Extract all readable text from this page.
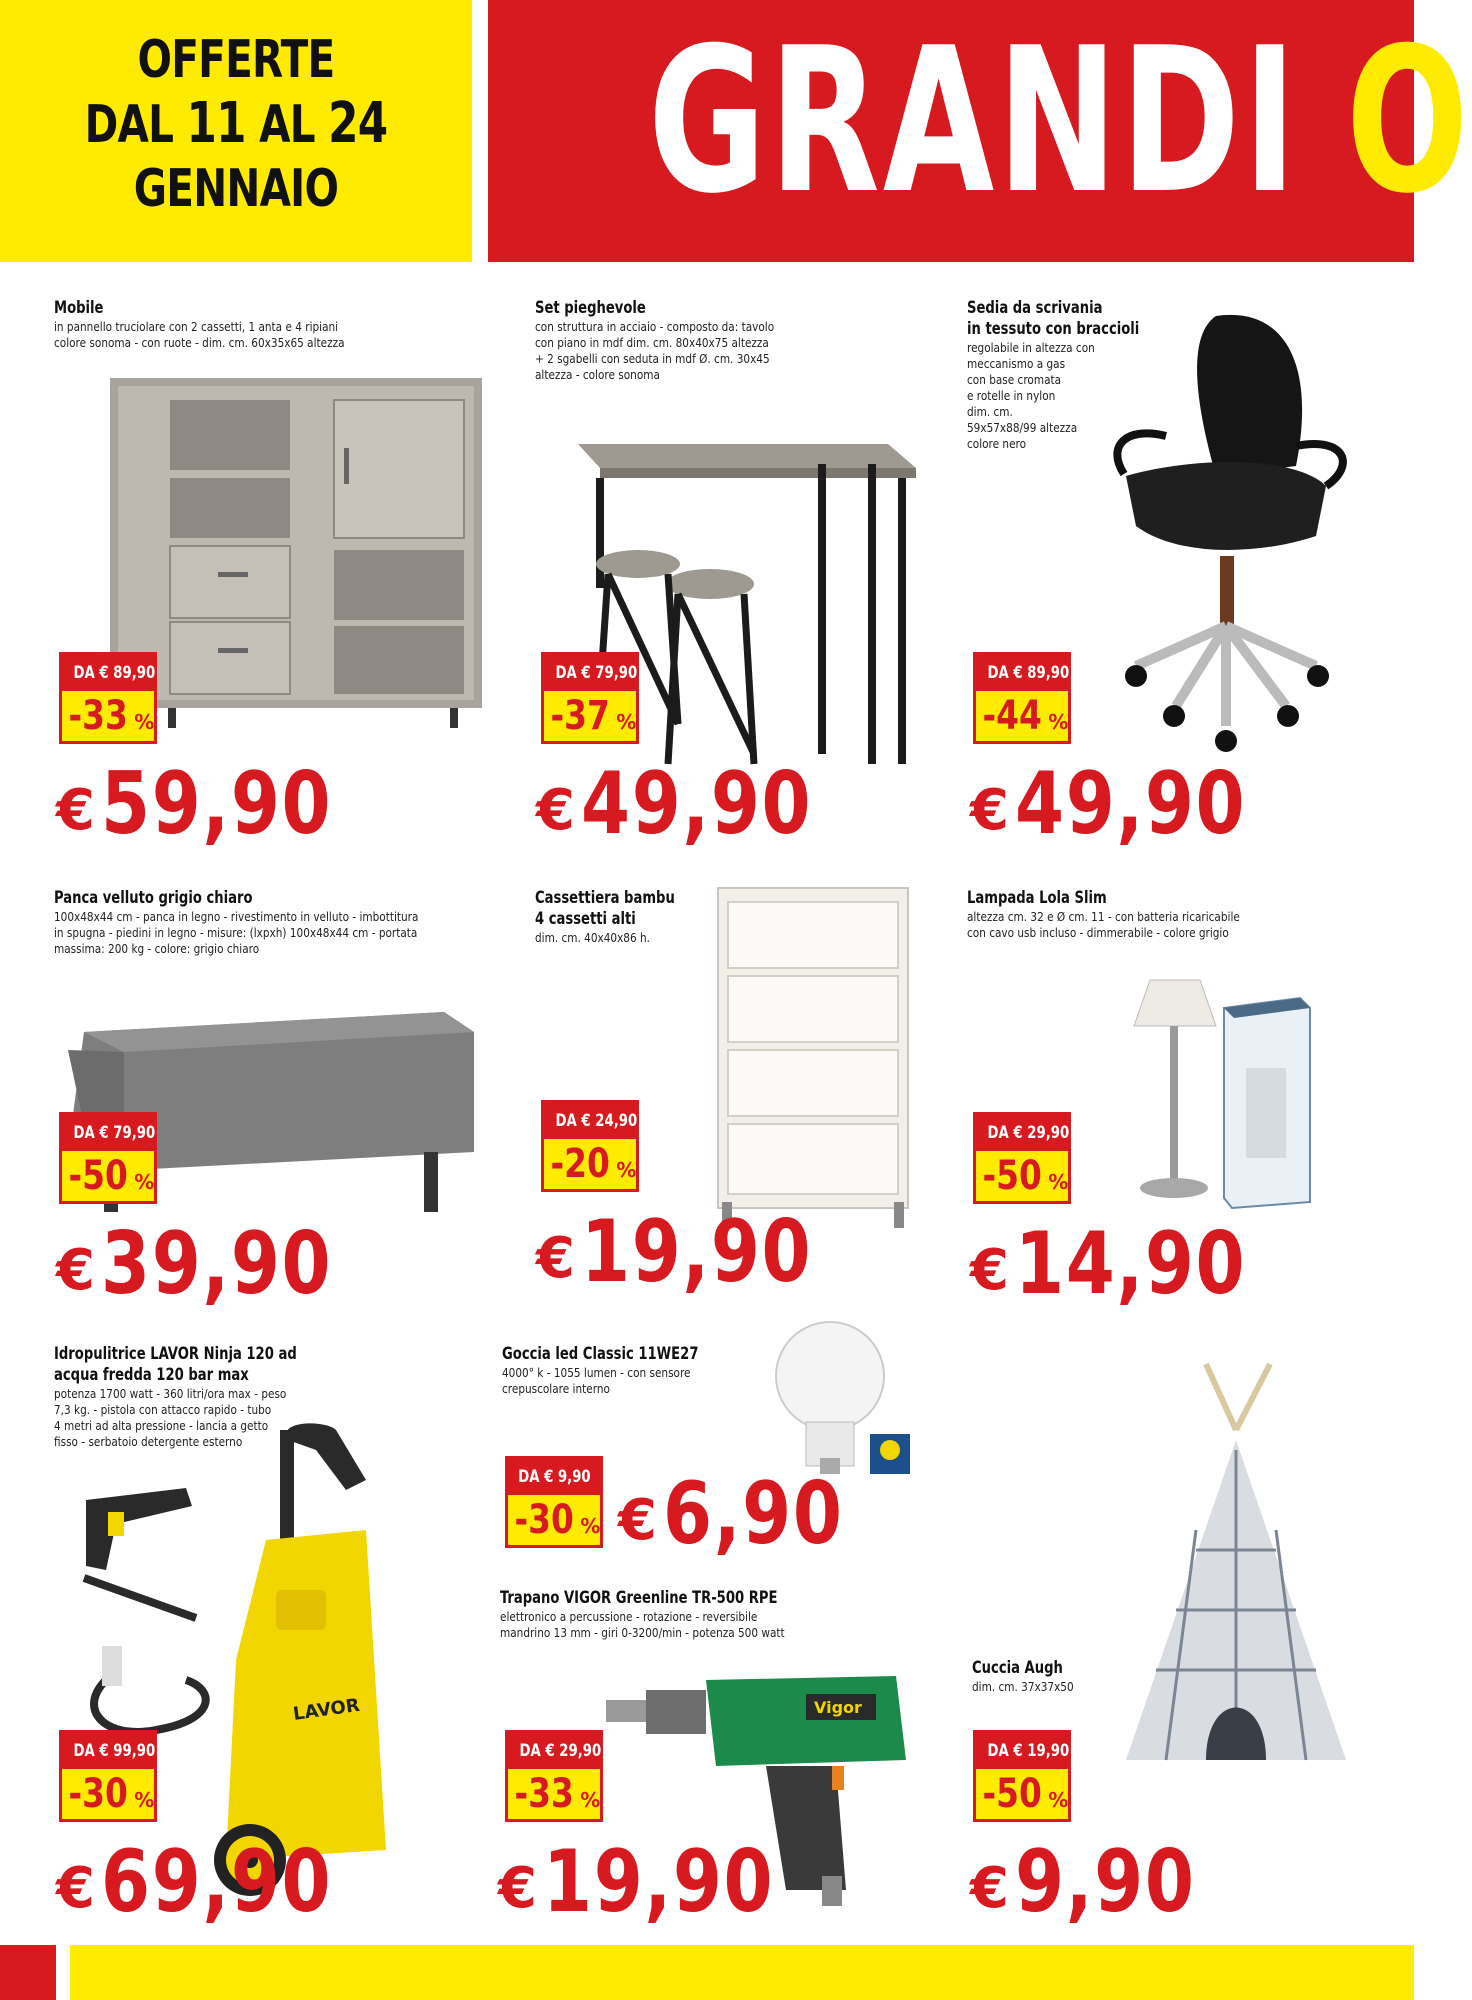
OFFERTE
DAL 11 AL 24
GENNAIO	GRANDI O
Mobile
in pannello truciolare con 2 cassetti, 1 anta e 4 ripiani
colore sonoma - con ruote - dim. cm. 60x35x65 altezza
DA € 89,90
-33 %
€59,90
Set pieghevole
con struttura in acciaio - composto da: tavolo
con piano in mdf dim. cm. 80x40x75 altezza
+ 2 sgabelli con seduta in mdf Ø. cm. 30x45
altezza - colore sonoma
DA € 79,90
-37 %
€49,90
Sedia da scrivania
in tessuto con braccioli
regolabile in altezza con
meccanismo a gas
con base cromata
e rotelle in nylon
dim. cm.
59x57x88/99 altezza
colore nero
DA € 89,90
-44 %
€49,90
Panca velluto grigio chiaro
100x48x44 cm - panca in legno - rivestimento in velluto - imbottitura
in spugna - piedini in legno - misure: (lxpxh) 100x48x44 cm - portata
massima: 200 kg - colore: grigio chiaro
DA € 79,90
-50 %
€39,90
Cassettiera bambu
4 cassetti alti
dim. cm. 40x40x86 h.
DA € 24,90
-20 %
€19,90
Lampada Lola Slim
altezza cm. 32 e Ø cm. 11 - con batteria ricaricabile
con cavo usb incluso - dimmerabile - colore grigio
DA € 29,90
-50 %
€14,90
Idropulitrice LAVOR Ninja 120 ad
acqua fredda 120 bar max
potenza 1700 watt - 360 litri/ora max - peso
7,3 kg. - pistola con attacco rapido - tubo
4 metri ad alta pressione - lancia a getto
fisso - serbatoio detergente esterno
LAVOR
DA € 99,90
-30 %
€69,90
Goccia led Classic 11WE27
4000° k - 1055 lumen - con sensore
crepuscolare interno
DA € 9,90
-30 % €6,90
Trapano VIGOR Greenline TR-500 RPE
elettronico a percussione - rotazione - reversibile
mandrino 13 mm - giri 0-3200/min - potenza 500 watt
Vigor
DA € 29,90
-33 %
€19,90
Cuccia Augh
dim. cm. 37x37x50
DA € 19,90
-50 %
€9,90
